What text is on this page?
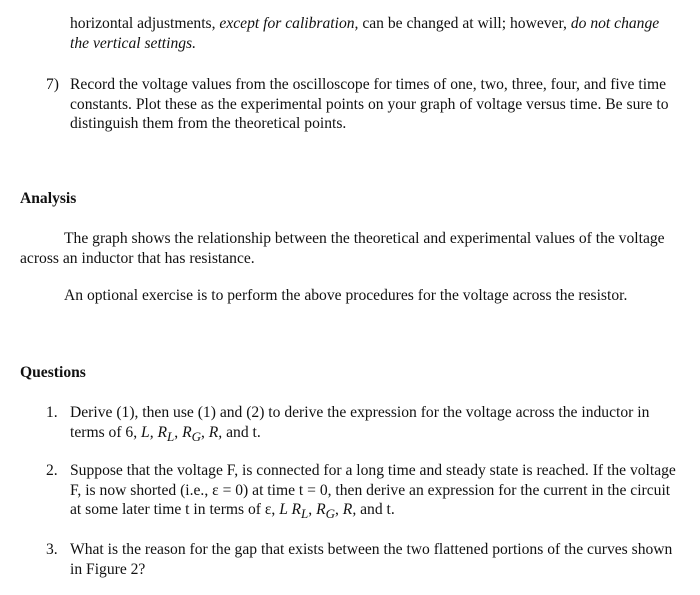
horizontal adjustments, except for calibration, can be changed at will; however, do not change the vertical settings.

7) Record the voltage values from the oscilloscope for times of one, two, three, four, and five time constants. Plot these as the experimental points on your graph of voltage versus time. Be sure to distinguish them from the theoretical points.

Analysis

The graph shows the relationship between the theoretical and experimental values of the voltage across an inductor that has resistance.

An optional exercise is to perform the above procedures for the voltage across the resistor.

Questions

1. Derive (1), then use (1) and (2) to derive the expression for the voltage across the inductor in terms of 6, L, $R_L$, $R_G$, R, and t.

2. Suppose that the voltage F, is connected for a long time and steady state is reached. If the voltage F, is now shorted (i.e., ε = 0) at time t = 0, then derive an expression for the current in the circuit at some later time t in terms of ε, L $R_L$, $R_G$, R, and t.

3. What is the reason for the gap that exists between the two flattened portions of the curves shown in Figure 2?
